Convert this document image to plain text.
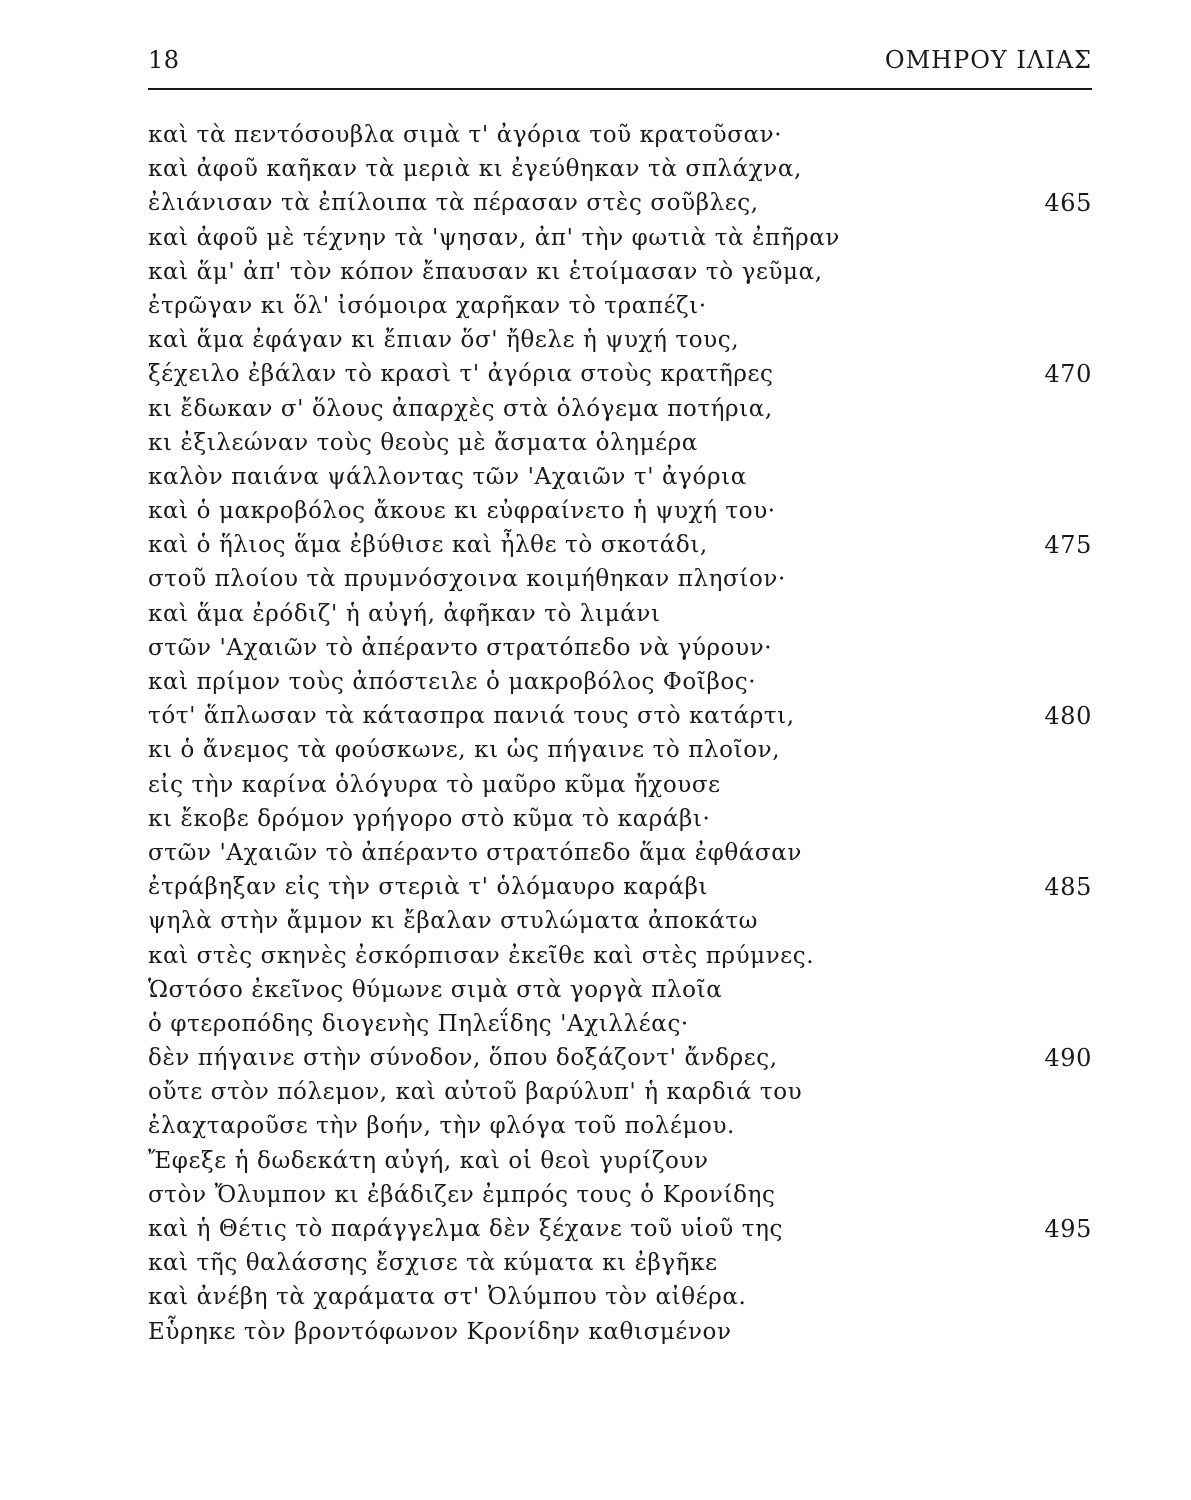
18	ΟΜΗΡΟΥ ΙΛΙΑΣ
καὶ τὰ πεντόσουβλα σιμὰ τ' ἀγόρια τοῦ κρατοῦσαν·
καὶ ἀφοῦ καῆκαν τὰ μεριὰ κι ἐγεύθηκαν τὰ σπλάχνα,
ἐλιάνισαν τὰ ἐπίλοιπα τὰ πέρασαν στὲς σοῦβλες,	465
καὶ ἀφοῦ μὲ τέχνην τὰ 'ψησαν, ἀπ' τὴν φωτιὰ τὰ ἐπῆραν
καὶ ἅμ' ἀπ' τὸν κόπον ἔπαυσαν κι ἑτοίμασαν τὸ γεῦμα,
ἐτρῶγαν κι ὅλ' ἰσόμοιρα χαρῆκαν τὸ τραπέζι·
καὶ ἅμα ἐφάγαν κι ἔπιαν ὅσ' ἤθελε ἡ ψυχή τους,
ξέχειλο ἐβάλαν τὸ κρασὶ τ' ἀγόρια στοὺς κρατῆρες	470
κι ἔδωκαν σ' ὅλους ἀπαρχὲς στὰ ὁλόγεμα ποτήρια,
κι ἐξιλεώναν τοὺς θεοὺς μὲ ἄσματα ὁλημέρα
καλὸν παιάνα ψάλλοντας τῶν 'Αχαιῶν τ' ἀγόρια
καὶ ὁ μακροβόλος ἄκουε κι εὐφραίνετο ἡ ψυχή του·
καὶ ὁ ἥλιος ἅμα ἐβύθισε καὶ ἦλθε τὸ σκοτάδι,	475
στοῦ πλοίου τὰ πρυμνόσχοινα κοιμήθηκαν πλησίον·
καὶ ἅμα ἐρόδιζ' ἡ αὐγή, ἀφῆκαν τὸ λιμάνι
στῶν 'Αχαιῶν τὸ ἀπέραντο στρατόπεδο νὰ γύρουν·
καὶ πρίμον τοὺς ἀπόστειλε ὁ μακροβόλος Φοῖβος·
τότ' ἅπλωσαν τὰ κάτασπρα πανιά τους στὸ κατάρτι,	480
κι ὁ ἄνεμος τὰ φούσκωνε, κι ὡς πήγαινε τὸ πλοῖον,
εἰς τὴν καρίνα ὁλόγυρα τὸ μαῦρο κῦμα ἤχουσε
κι ἔκοβε δρόμον γρήγορο στὸ κῦμα τὸ καράβι·
στῶν 'Αχαιῶν τὸ ἀπέραντο στρατόπεδο ἅμα ἐφθάσαν
ἐτράβηξαν εἰς τὴν στεριὰ τ' ὁλόμαυρο καράβι	485
ψηλὰ στὴν ἄμμον κι ἔβαλαν στυλώματα ἀποκάτω
καὶ στὲς σκηνὲς ἐσκόρπισαν ἐκεῖθε καὶ στὲς πρύμνες.
Ὡστόσο ἐκεῖνος θύμωνε σιμὰ στὰ γοργὰ πλοῖα
ὁ φτεροπόδης διογενὴς Πηλεΐδης 'Αχιλλέας·
δὲν πήγαινε στὴν σύνοδον, ὅπου δοξάζοντ' ἄνδρες,	490
οὔτε στὸν πόλεμον, καὶ αὐτοῦ βαρύλυπ' ἡ καρδιά του
ἐλαχταροῦσε τὴν βοήν, τὴν φλόγα τοῦ πολέμου.
Ἔφεξε ἡ δωδεκάτη αὐγή, καὶ οἱ θεοὶ γυρίζουν
στὸν Ὄλυμπον κι ἐβάδιζεν ἐμπρός τους ὁ Κρονίδης
καὶ ἡ Θέτις τὸ παράγγελμα δὲν ξέχανε τοῦ υἱοῦ της	495
καὶ τῆς θαλάσσης ἔσχισε τὰ κύματα κι ἐβγῆκε
καὶ ἀνέβη τὰ χαράματα στ' Ὀλύμπου τὸν αἰθέρα.
Εὗρηκε τὸν βροντόφωνον Κρονίδην καθισμένον
